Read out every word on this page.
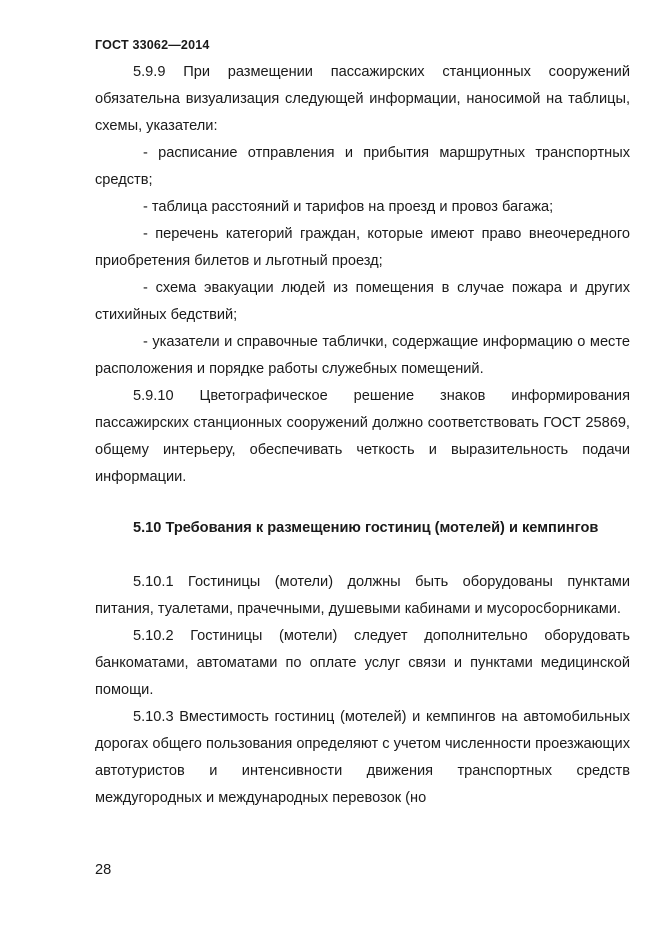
ГОСТ 33062—2014

5.9.9 При размещении пассажирских станционных сооружений обязательна визуализация следующей информации, наносимой на таблицы, схемы, указатели:

- расписание отправления и прибытия маршрутных транспортных средств;

- таблица расстояний и тарифов на проезд и провоз багажа;

- перечень категорий граждан, которые имеют право внеочередного приобретения билетов и льготный проезд;

- схема эвакуации людей из помещения в случае пожара и других стихийных бедствий;

- указатели и справочные таблички, содержащие информацию о месте расположения и порядке работы служебных помещений.

5.9.10 Цветографическое решение знаков информирования пассажирских станционных сооружений должно соответствовать ГОСТ 25869, общему интерьеру, обеспечивать четкость и выразительность подачи информации.

5.10 Требования к размещению гостиниц (мотелей) и кемпингов

5.10.1 Гостиницы (мотели) должны быть оборудованы пунктами питания, туалетами, прачечными, душевыми кабинами и мусоросборниками.

5.10.2 Гостиницы (мотели) следует дополнительно оборудовать банкоматами, автоматами по оплате услуг связи и пунктами медицинской помощи.

5.10.3 Вместимость гостиниц (мотелей) и кемпингов на автомобильных дорогах общего пользования определяют с учетом численности проезжающих автотуристов и интенсивности движения транспортных средств междугородных и международных перевозок (но

28
